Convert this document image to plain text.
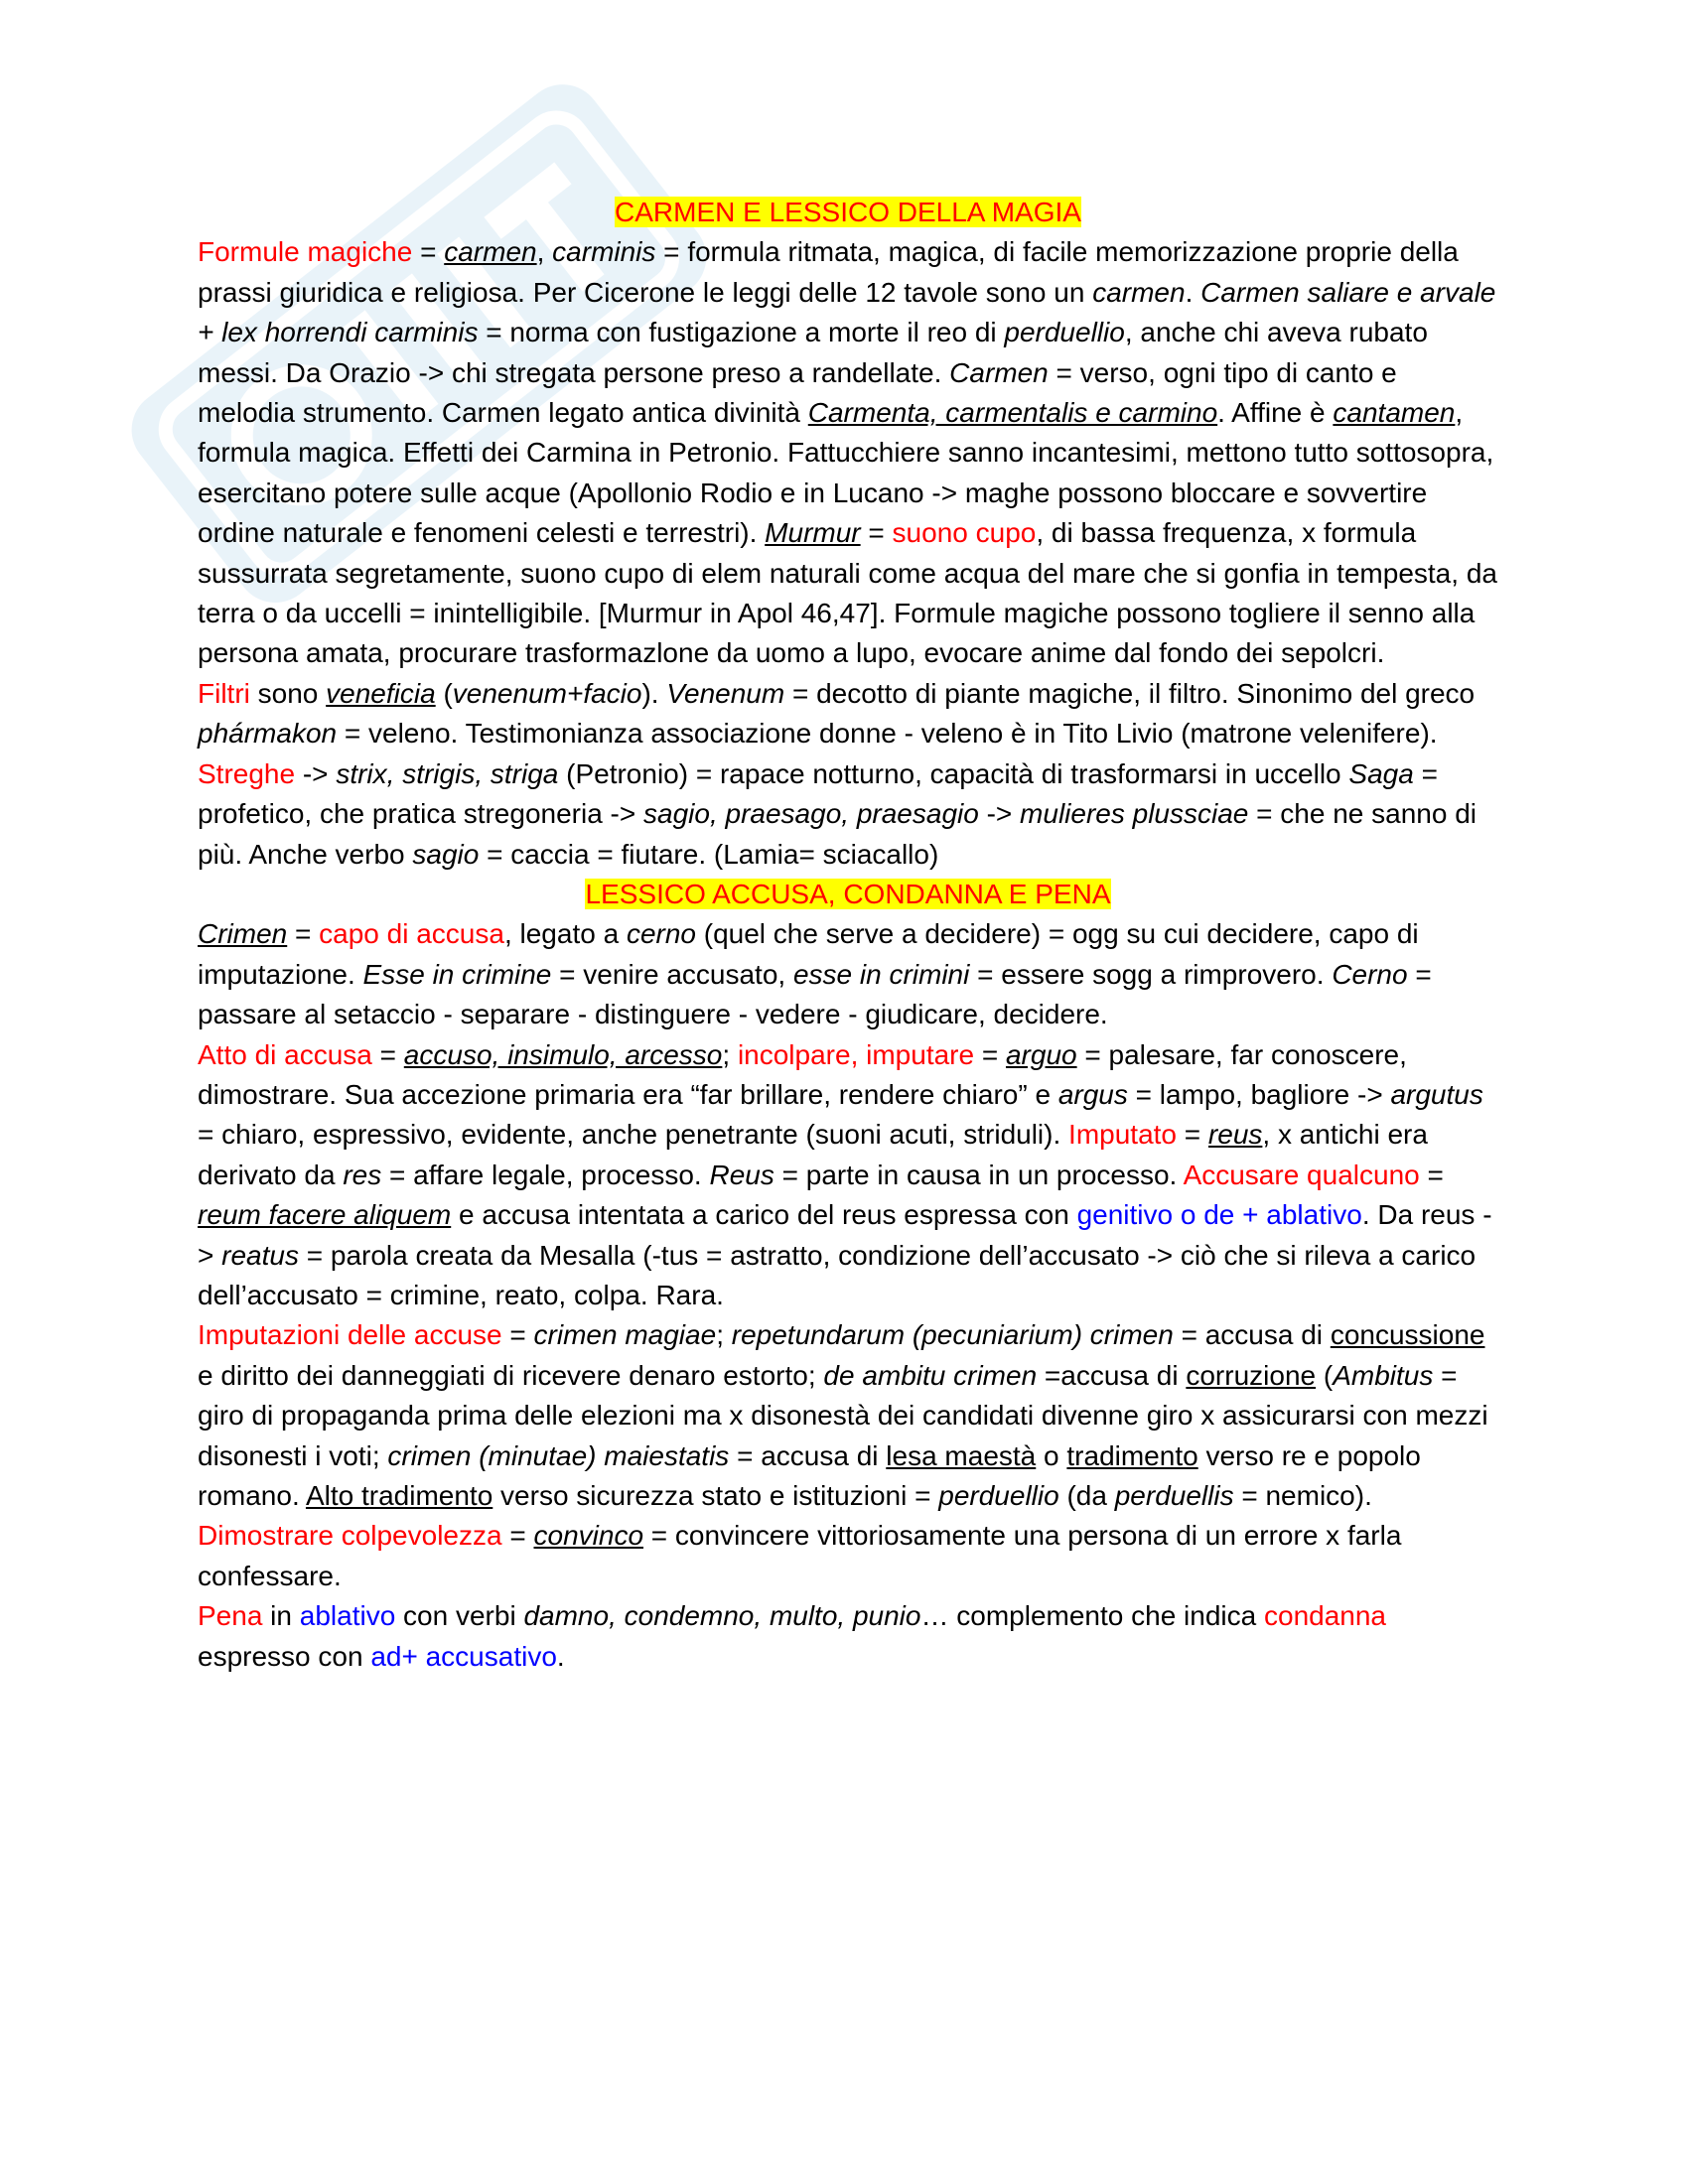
CARMEN E LESSICO DELLA MAGIA

Formule magiche = carmen, carminis = formula ritmata, magica, di facile memorizzazione proprie della prassi giuridica e religiosa. Per Cicerone le leggi delle 12 tavole sono un carmen. Carmen saliare e arvale + lex horrendi carminis = norma con fustigazione a morte il reo di perduellio, anche chi aveva rubato messi. Da Orazio -> chi stregata persone preso a randellate. Carmen = verso, ogni tipo di canto e melodia strumento. Carmen legato antica divinità Carmenta, carmentalis e carmino. Affine è cantamen, formula magica. Effetti dei Carmina in Petronio. Fattucchiere sanno incantesimi, mettono tutto sottosopra, esercitano potere sulle acque (Apollonio Rodio e in Lucano -> maghe possono bloccare e sovvertire ordine naturale e fenomeni celesti e terrestri). Murmur = suono cupo, di bassa frequenza, x formula sussurrata segretamente, suono cupo di elem naturali come acqua del mare che si gonfia in tempesta, da terra o da uccelli = inintelligibile. [Murmur in Apol 46,47]. Formule magiche possono togliere il senno alla persona amata, procurare trasformazlone da uomo a lupo, evocare anime dal fondo dei sepolcri.

Filtri sono veneficia (venenum+facio). Venenum = decotto di piante magiche, il filtro. Sinonimo del greco phármakon = veleno. Testimonianza associazione donne - veleno è in Tito Livio (matrone velenifere).

Streghe -> strix, strigis, striga (Petronio) = rapace notturno, capacità di trasformarsi in uccello Saga = profetico, che pratica stregoneria -> sagio, praesago, praesagio -> mulieres plussciae = che ne sanno di più. Anche verbo sagio = caccia = fiutare. (Lamia= sciacallo)

LESSICO ACCUSA, CONDANNA E PENA

Crimen = capo di accusa, legato a cerno (quel che serve a decidere) = ogg su cui decidere, capo di imputazione. Esse in crimine = venire accusato, esse in crimini = essere sogg a rimprovero. Cerno = passare al setaccio - separare - distinguere - vedere - giudicare, decidere.

Atto di accusa = accuso, insimulo, arcesso; incolpare, imputare = arguo = palesare, far conoscere, dimostrare. Sua accezione primaria era “far brillare, rendere chiaro” e argus = lampo, bagliore -> argutus = chiaro, espressivo, evidente, anche penetrante (suoni acuti, striduli). Imputato = reus, x antichi era derivato da res = affare legale, processo. Reus = parte in causa in un processo. Accusare qualcuno = reum facere aliquem e accusa intentata a carico del reus espressa con genitivo o de + ablativo. Da reus -> reatus = parola creata da Mesalla (-tus = astratto, condizione dell’accusato -> ciò che si rileva a carico dell’accusato = crimine, reato, colpa. Rara.

Imputazioni delle accuse = crimen magiae; repetundarum (pecuniarium) crimen = accusa di concussione e diritto dei danneggiati di ricevere denaro estorto; de ambitu crimen =accusa di corruzione (Ambitus = giro di propaganda prima delle elezioni ma x disonestà dei candidati divenne giro x assicurarsi con mezzi disonesti i voti; crimen (minutae) maiestatis = accusa di lesa maestà o tradimento verso re e popolo romano. Alto tradimento verso sicurezza stato e istituzioni = perduellio (da perduellis = nemico).

Dimostrare colpevolezza = convinco = convincere vittoriosamente una persona di un errore x farla confessare.

Pena in ablativo con verbi damno, condemno, multo, punio… complemento che indica condanna espresso con ad+ accusativo.
